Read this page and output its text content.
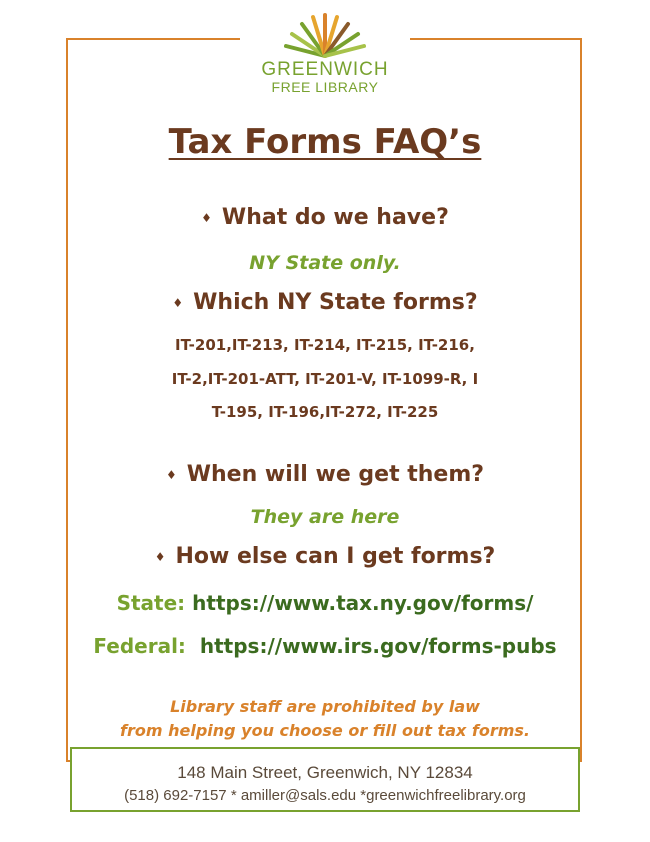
GREENWICH
FREE LIBRARY
Tax Forms FAQ’s
♦ What do we have?
NY State only.
♦ Which NY State forms?
IT-201,IT-213, IT-214, IT-215, IT-216,
IT-2,IT-201-ATT, IT-201-V, IT-1099-R, I
T-195, IT-196,IT-272, IT-225
♦ When will we get them?
They are here
♦ How else can I get forms?
State: https://www.tax.ny.gov/forms/
Federal: https://www.irs.gov/forms-pubs
Library staff are prohibited by law
from helping you choose or fill out tax forms.
148 Main Street, Greenwich, NY 12834
(518) 692-7157 * amiller@sals.edu *greenwichfreelibrary.org
